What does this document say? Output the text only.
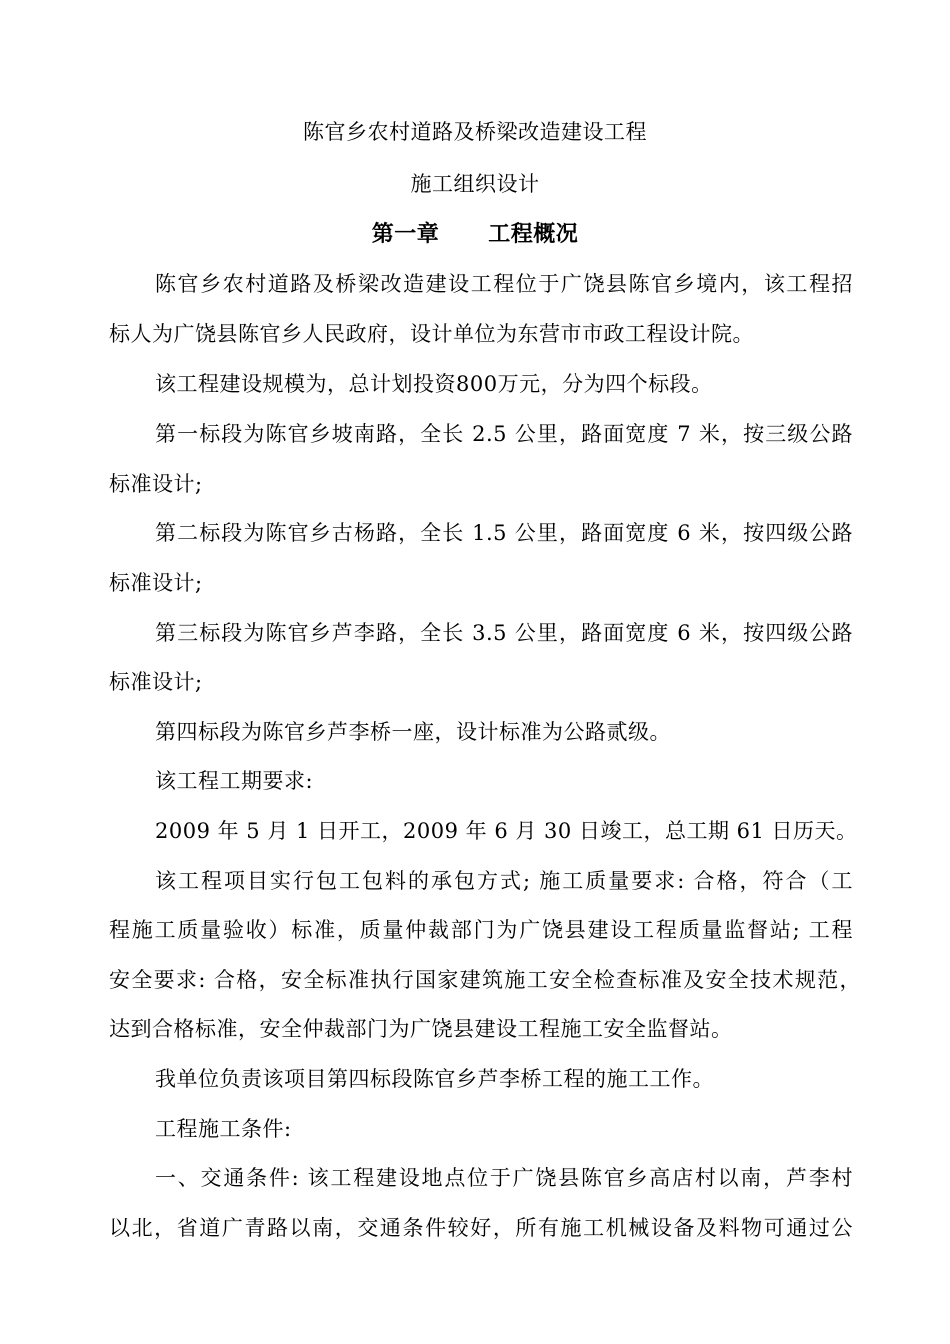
陈官乡农村道路及桥梁改造建设工程
施工组织设计
第一章      工程概况
陈官乡农村道路及桥梁改造建设工程位于广饶县陈官乡境内，该工程招
标人为广饶县陈官乡人民政府，设计单位为东营市市政工程设计院。
该工程建设规模为，总计划投资800万元，分为四个标段。
第一标段为陈官乡坡南路，全长 2.5 公里，路面宽度 7 米，按三级公路
标准设计;
第二标段为陈官乡古杨路，全长 1.5 公里，路面宽度 6 米，按四级公路
标准设计;
第三标段为陈官乡芦李路，全长 3.5 公里，路面宽度 6 米，按四级公路
标准设计;
第四标段为陈官乡芦李桥一座，设计标准为公路贰级。
该工程工期要求:
2009 年 5 月 1 日开工，2009 年 6 月 30 日竣工，总工期 61 日历天。
该工程项目实行包工包料的承包方式; 施工质量要求: 合格，符合（工
程施工质量验收）标准，质量仲裁部门为广饶县建设工程质量监督站; 工程
安全要求: 合格，安全标准执行国家建筑施工安全检查标准及安全技术规范，
达到合格标准，安全仲裁部门为广饶县建设工程施工安全监督站。
我单位负责该项目第四标段陈官乡芦李桥工程的施工工作。
工程施工条件:
一、交通条件: 该工程建设地点位于广饶县陈官乡高店村以南，芦李村
以北，省道广青路以南，交通条件较好，所有施工机械设备及料物可通过公
